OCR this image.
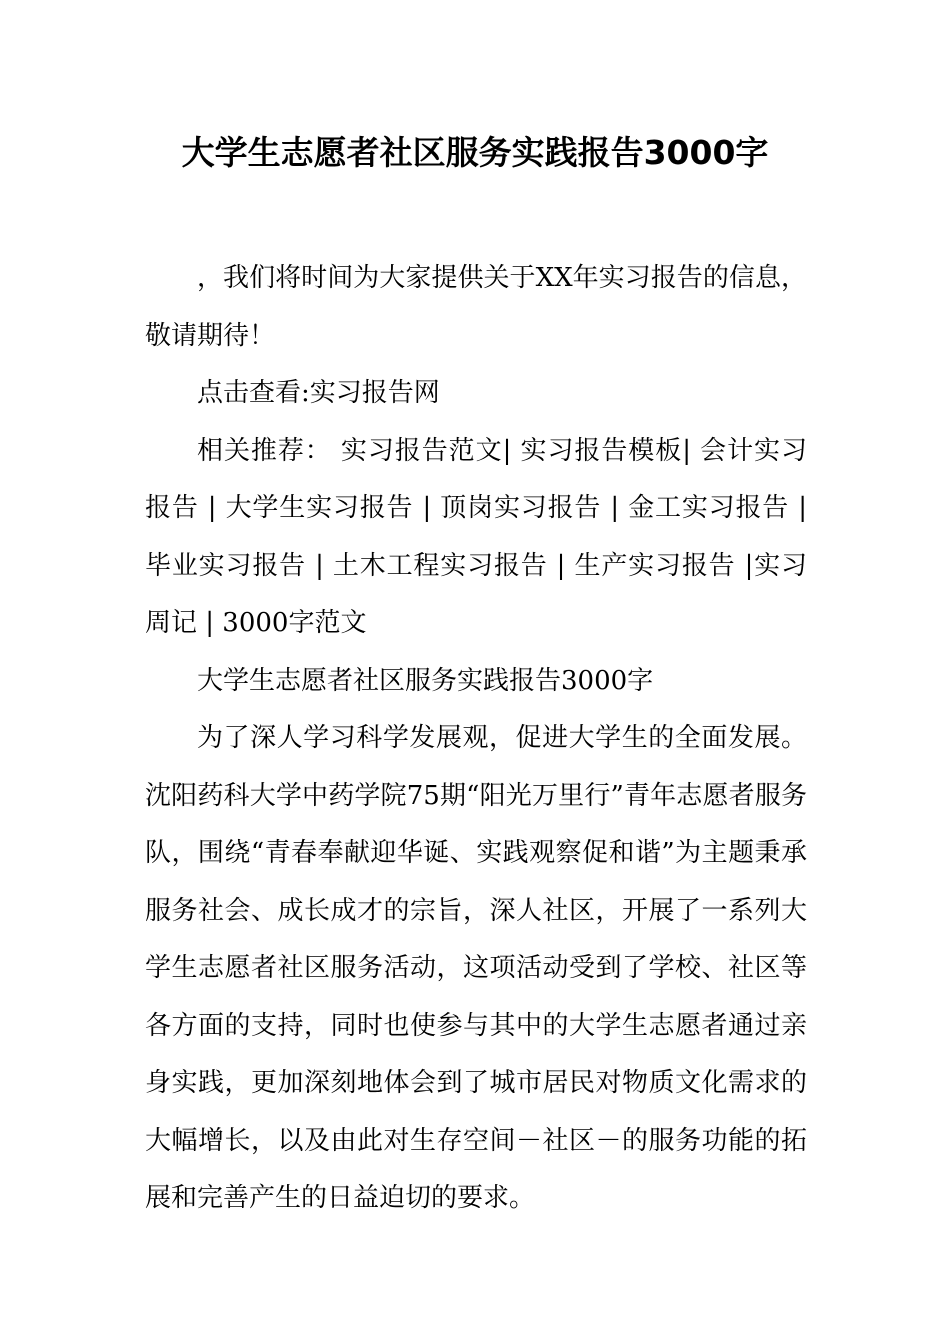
大学生志愿者社区服务实践报告3000字

，我们将时间为大家提供关于XX年实习报告的信息，敬请期待！

点击查看:实习报告网

相关推荐： 实习报告范文| 实习报告模板| 会计实习报告 | 大学生实习报告 | 顶岗实习报告 | 金工实习报告 | 毕业实习报告 | 土木工程实习报告 | 生产实习报告 |实习周记 | 3000字范文

大学生志愿者社区服务实践报告3000字

为了深人学习科学发展观，促进大学生的全面发展。沈阳药科大学中药学院75期“阳光万里行”青年志愿者服务队，围绕“青春奉献迎华诞、实践观察促和谐”为主题秉承服务社会、成长成才的宗旨，深人社区，开展了一系列大学生志愿者社区服务活动，这项活动受到了学校、社区等各方面的支持，同时也使参与其中的大学生志愿者通过亲身实践，更加深刻地体会到了城市居民对物质文化需求的大幅增长，以及由此对生存空间－社区－的服务功能的拓展和完善产生的日益迫切的要求。
